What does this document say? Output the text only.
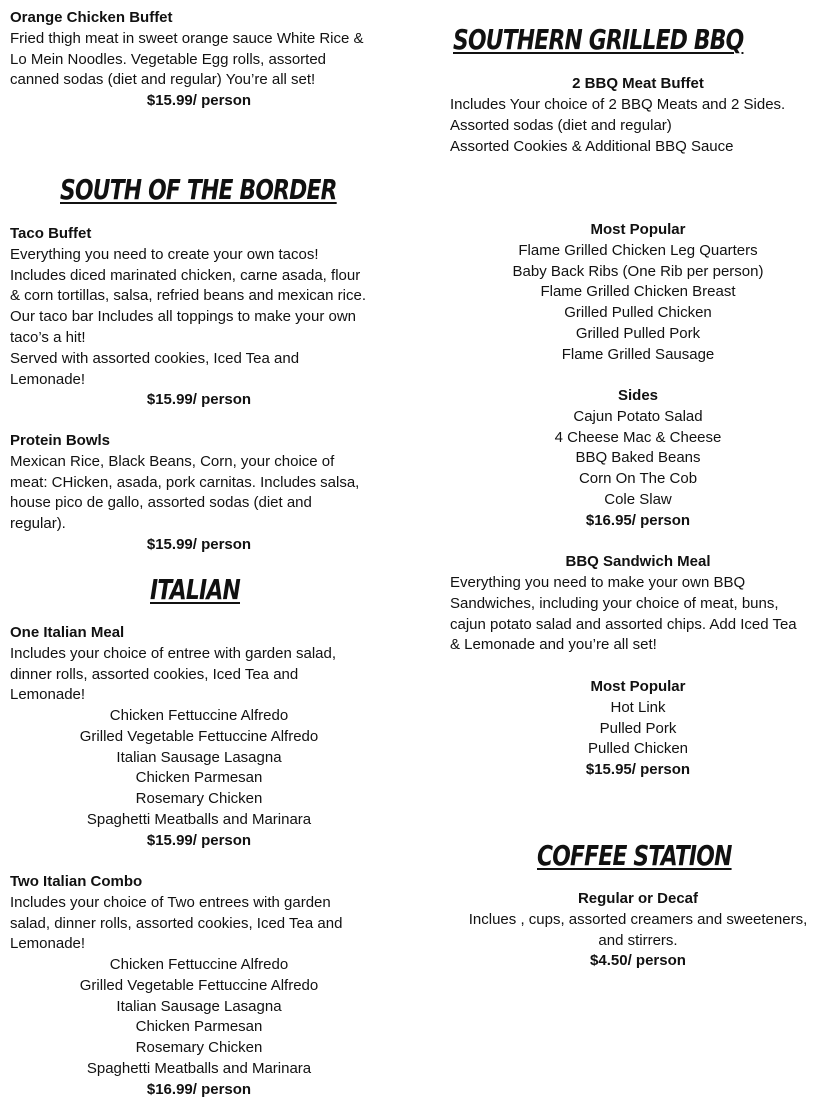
Orange Chicken Buffet
Fried thigh meat in sweet orange sauce White Rice &
Lo Mein Noodles. Vegetable Egg rolls, assorted
canned sodas (diet and regular) You’re all set!
$15.99/ person
SOUTH OF THE BORDER
Taco Buffet
Everything you need to create your own tacos!
Includes diced marinated chicken, carne asada, flour
& corn tortillas, salsa, refried beans and mexican rice.
Our taco bar Includes all toppings to make your own
taco’s a hit!
Served with assorted cookies, Iced Tea and
Lemonade!
$15.99/ person
Protein Bowls
Mexican Rice, Black Beans, Corn, your choice of
meat: CHicken, asada, pork carnitas. Includes salsa,
house pico de gallo, assorted sodas (diet and
regular).
$15.99/ person
ITALIAN
One Italian Meal
Includes your choice of entree with garden salad,
dinner rolls, assorted cookies, Iced Tea and
Lemonade!
Chicken Fettuccine Alfredo
Grilled Vegetable Fettuccine Alfredo
Italian Sausage Lasagna
Chicken Parmesan
Rosemary Chicken
Spaghetti Meatballs and Marinara
$15.99/ person
Two Italian Combo
Includes your choice of Two entrees with garden
salad, dinner rolls, assorted cookies, Iced Tea and
Lemonade!
Chicken Fettuccine Alfredo
Grilled Vegetable Fettuccine Alfredo
Italian Sausage Lasagna
Chicken Parmesan
Rosemary Chicken
Spaghetti Meatballs and Marinara
$16.99/ person
SOUTHERN GRILLED BBQ
2 BBQ Meat Buffet
Includes Your choice of 2 BBQ Meats and 2 Sides.
Assorted sodas (diet and regular)
Assorted Cookies & Additional BBQ Sauce
Most Popular
Flame Grilled Chicken Leg Quarters
Baby Back Ribs (One Rib per person)
Flame Grilled Chicken Breast
Grilled Pulled Chicken
Grilled Pulled Pork
Flame Grilled Sausage
Sides
Cajun Potato Salad
4 Cheese Mac & Cheese
BBQ Baked Beans
Corn On The Cob
Cole Slaw
$16.95/ person
BBQ Sandwich Meal
Everything you need to make your own BBQ
Sandwiches, including your choice of meat, buns,
cajun potato salad and assorted chips. Add Iced Tea
& Lemonade and you’re all set!
Most Popular
Hot Link
Pulled Pork
Pulled Chicken
$15.95/ person
COFFEE STATION
Regular or Decaf
Inclues , cups, assorted creamers and sweeteners,
and stirrers.
$4.50/ person
